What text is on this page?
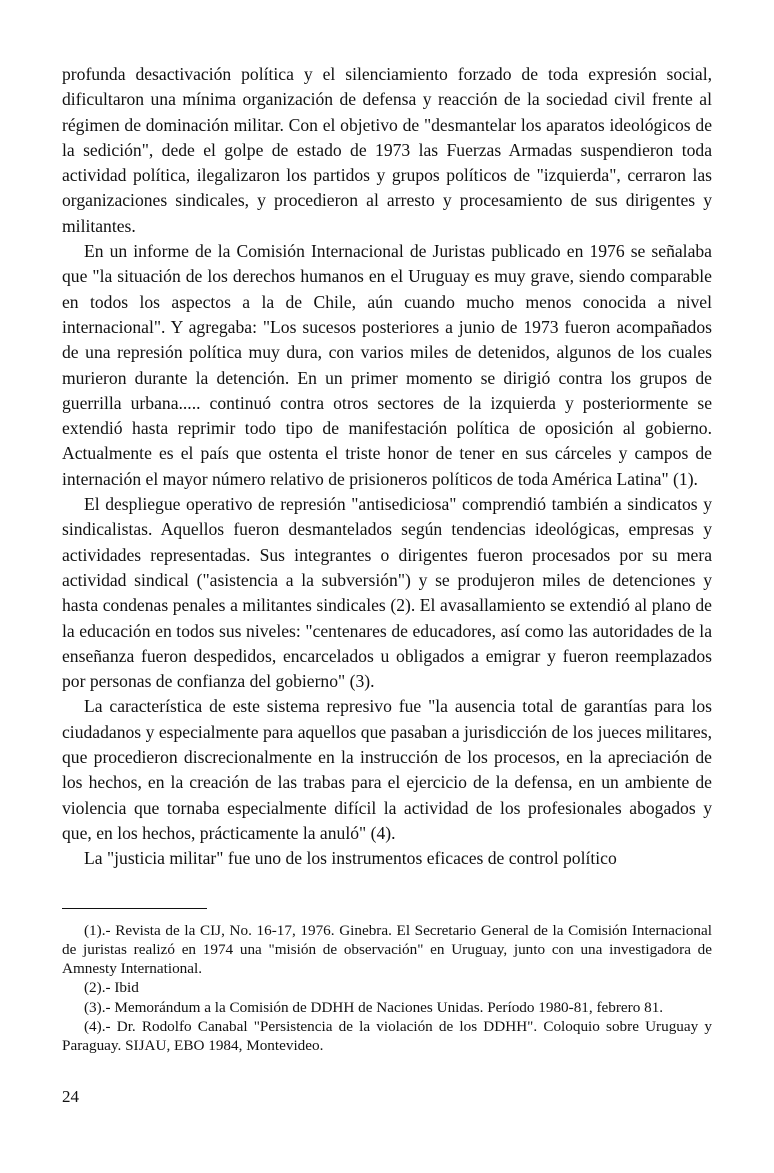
profunda desactivación política y el silenciamiento forzado de toda expresión social, dificultaron una mínima organización de defensa y reacción de la sociedad civil frente al régimen de dominación militar. Con el objetivo de "desmantelar los aparatos ideológicos de la sedición", dede el golpe de estado de 1973 las Fuerzas Armadas suspendieron toda actividad política, ilegalizaron los partidos y grupos políticos de "izquierda", cerraron las organizaciones sindicales, y procedieron al arresto y procesamiento de sus dirigentes y militantes.

En un informe de la Comisión Internacional de Juristas publicado en 1976 se señalaba que "la situación de los derechos humanos en el Uruguay es muy grave, siendo comparable en todos los aspectos a la de Chile, aún cuando mucho menos conocida a nivel internacional". Y agregaba: "Los sucesos posteriores a junio de 1973 fueron acompañados de una represión política muy dura, con varios miles de detenidos, algunos de los cuales murieron durante la detención. En un primer momento se dirigió contra los grupos de guerrilla urbana..... continuó contra otros sectores de la izquierda y posteriormente se extendió hasta reprimir todo tipo de manifestación política de oposición al gobierno. Actualmente es el país que ostenta el triste honor de tener en sus cárceles y campos de internación el mayor número relativo de prisioneros políticos de toda América Latina" (1).

El despliegue operativo de represión "antisediciosa" comprendió también a sindicatos y sindicalistas. Aquellos fueron desmantelados según tendencias ideológicas, empresas y actividades representadas. Sus integrantes o dirigentes fueron procesados por su mera actividad sindical ("asistencia a la subversión") y se produjeron miles de detenciones y hasta condenas penales a militantes sindicales (2). El avasallamiento se extendió al plano de la educación en todos sus niveles: "centenares de educadores, así como las autoridades de la enseñanza fueron despedidos, encarcelados u obligados a emigrar y fueron reemplazados por personas de confianza del gobierno" (3).

La característica de este sistema represivo fue "la ausencia total de garantías para los ciudadanos y especialmente para aquellos que pasaban a jurisdicción de los jueces militares, que procedieron discrecionalmente en la instrucción de los procesos, en la apreciación de los hechos, en la creación de las trabas para el ejercicio de la defensa, en un ambiente de violencia que tornaba especialmente difícil la actividad de los profesionales abogados y que, en los hechos, prácticamente la anuló" (4).

La "justicia militar" fue uno de los instrumentos eficaces de control político

(1).- Revista de la CIJ, No. 16-17, 1976. Ginebra. El Secretario General de la Comisión Internacional de juristas realizó en 1974 una "misión de observación" en Uruguay, junto con una investigadora de Amnesty International.

(2).- Ibid

(3).- Memorándum a la Comisión de DDHH de Naciones Unidas. Período 1980-81, febrero 81.

(4).- Dr. Rodolfo Canabal "Persistencia de la violación de los DDHH". Coloquio sobre Uruguay y Paraguay. SIJAU, EBO 1984, Montevideo.

24
